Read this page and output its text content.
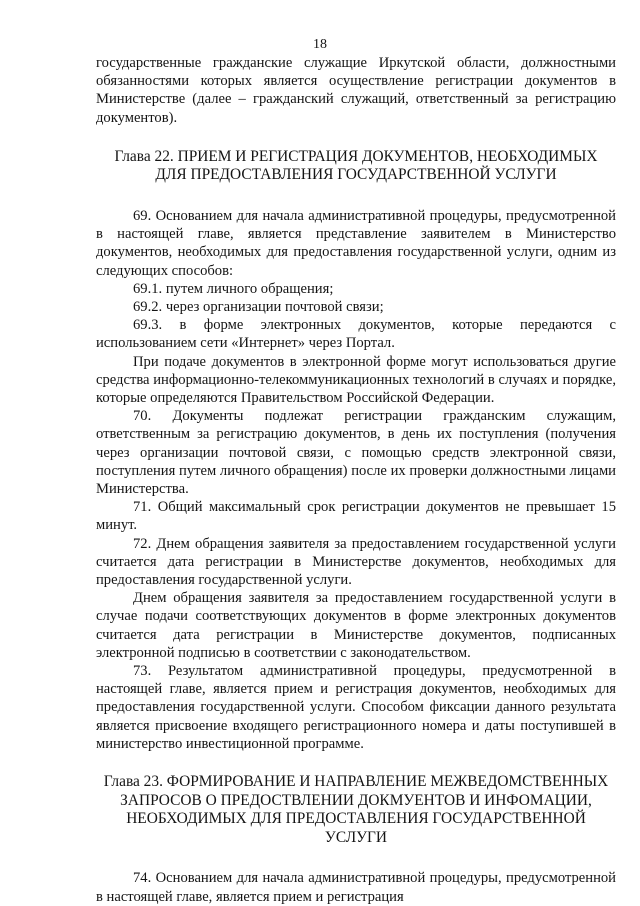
18

государственные гражданские служащие Иркутской области, должностными обязанностями которых является осуществление регистрации документов в Министерстве (далее – гражданский служащий, ответственный за регистрацию документов).

Глава 22. ПРИЕМ И РЕГИСТРАЦИЯ ДОКУМЕНТОВ, НЕОБХОДИМЫХ ДЛЯ ПРЕДОСТАВЛЕНИЯ ГОСУДАРСТВЕННОЙ УСЛУГИ

69. Основанием для начала административной процедуры, предусмотренной в настоящей главе, является представление заявителем в Министерство документов, необходимых для предоставления государственной услуги, одним из следующих способов:

69.1. путем личного обращения;

69.2. через организации почтовой связи;

69.3. в форме электронных документов, которые передаются с использованием сети «Интернет» через Портал.

При подаче документов в электронной форме могут использоваться другие средства информационно-телекоммуникационных технологий в случаях и порядке, которые определяются Правительством Российской Федерации.

70. Документы подлежат регистрации гражданским служащим, ответственным за регистрацию документов, в день их поступления (получения через организации почтовой связи, с помощью средств электронной связи, поступления путем личного обращения) после их проверки должностными лицами Министерства.

71. Общий максимальный срок регистрации документов не превышает 15 минут.

72. Днем обращения заявителя за предоставлением государственной услуги считается дата регистрации в Министерстве документов, необходимых для предоставления государственной услуги.

Днем обращения заявителя за предоставлением государственной услуги в случае подачи соответствующих документов в форме электронных документов считается дата регистрации в Министерстве документов, подписанных электронной подписью в соответствии с законодательством.

73. Результатом административной процедуры, предусмотренной в настоящей главе, является прием и регистрация документов, необходимых для предоставления государственной услуги. Способом фиксации данного результата является присвоение входящего регистрационного номера и даты поступившей в министерство инвестиционной программе.

Глава 23. ФОРМИРОВАНИЕ И НАПРАВЛЕНИЕ МЕЖВЕДОМСТВЕННЫХ ЗАПРОСОВ О ПРЕДОСТВЛЕНИИ ДОКМУЕНТОВ И ИНФОМАЦИИ, НЕОБХОДИМЫХ ДЛЯ ПРЕДОСТАВЛЕНИЯ ГОСУДАРСТВЕННОЙ УСЛУГИ

74. Основанием для начала административной процедуры, предусмотренной в настоящей главе, является прием и регистрация
